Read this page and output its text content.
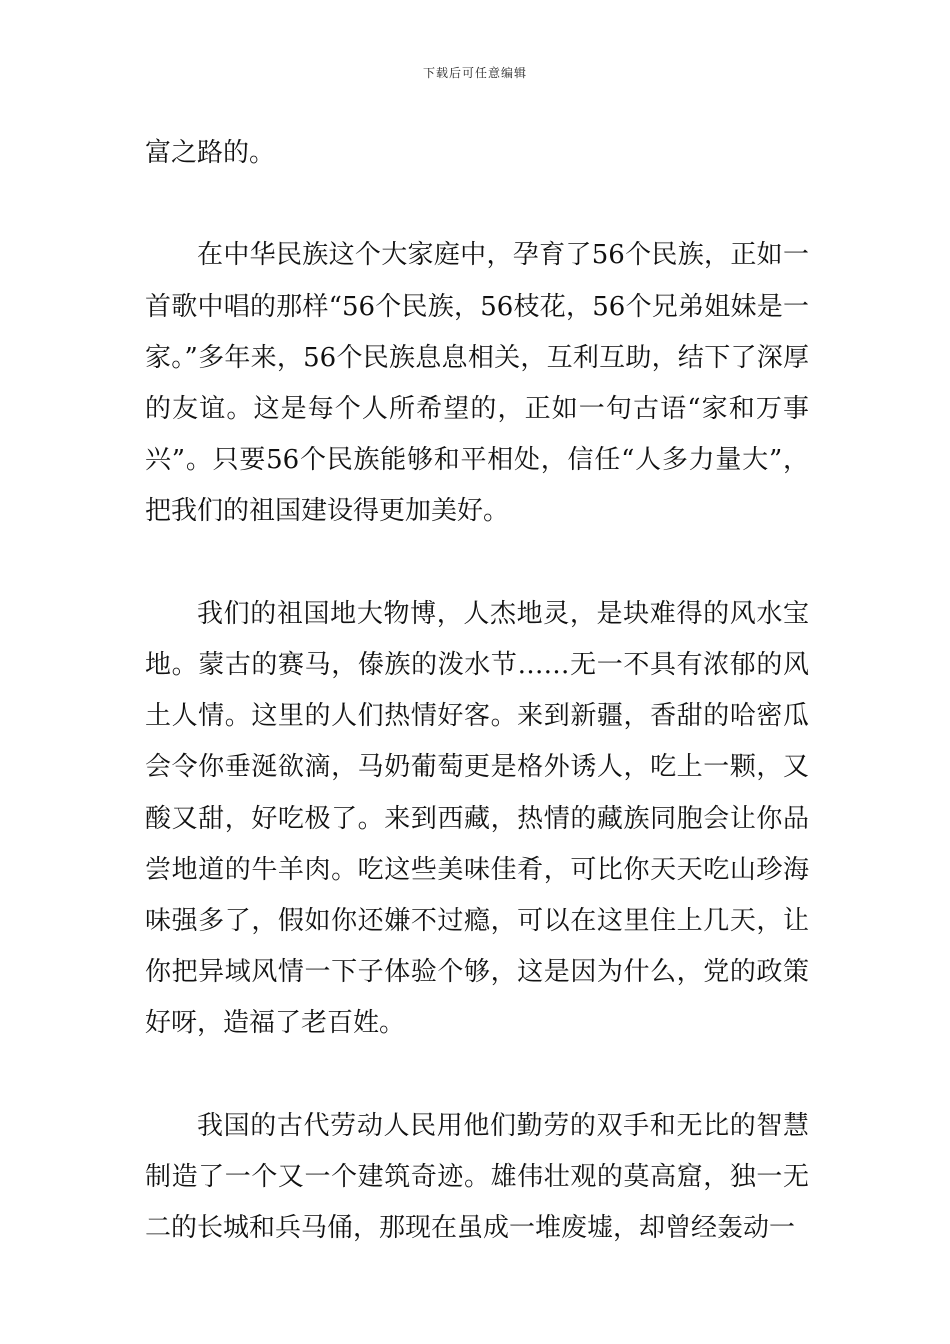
下载后可任意编辑

富之路的。

在中华民族这个大家庭中，孕育了56个民族，正如一首歌中唱的那样“56个民族，56枝花，56个兄弟姐妹是一家。”多年来，56个民族息息相关，互利互助，结下了深厚的友谊。这是每个人所希望的，正如一句古语“家和万事兴”。只要56个民族能够和平相处，信任“人多力量大”，把我们的祖国建设得更加美好。

我们的祖国地大物博，人杰地灵，是块难得的风水宝地。蒙古的赛马，傣族的泼水节……无一不具有浓郁的风土人情。这里的人们热情好客。来到新疆，香甜的哈密瓜会令你垂涎欲滴，马奶葡萄更是格外诱人，吃上一颗，又酸又甜，好吃极了。来到西藏，热情的藏族同胞会让你品尝地道的牛羊肉。吃这些美味佳肴，可比你天天吃山珍海味强多了，假如你还嫌不过瘾，可以在这里住上几天，让你把异域风情一下子体验个够，这是因为什么，党的政策好呀，造福了老百姓。

我国的古代劳动人民用他们勤劳的双手和无比的智慧制造了一个又一个建筑奇迹。雄伟壮观的莫高窟，独一无二的长城和兵马俑，那现在虽成一堆废墟，却曾经轰动一
